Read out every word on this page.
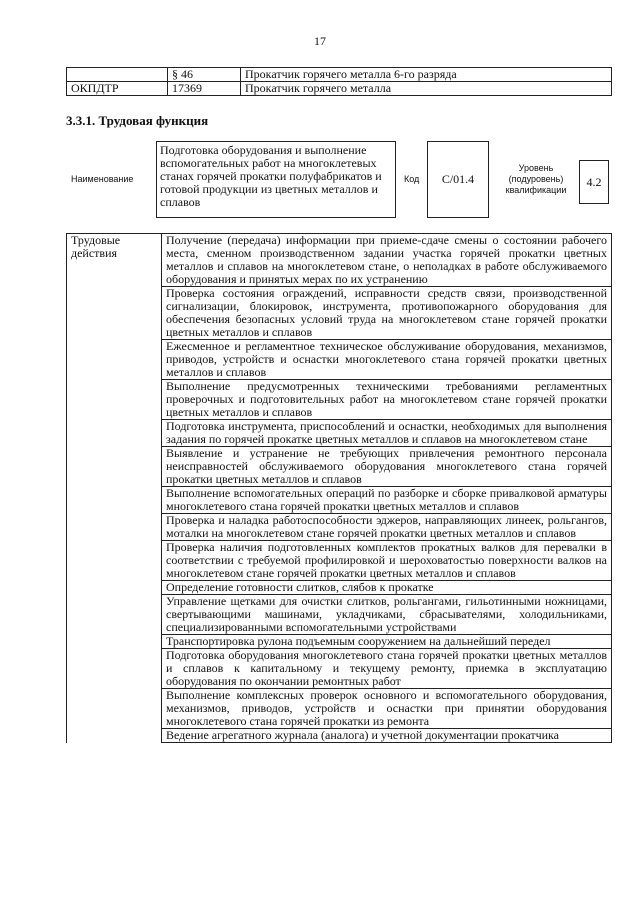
17
	§ 46	Прокатчик горячего металла 6-го разряда
ОКПДТР	17369	Прокатчик горячего металла
3.3.1. Трудовая функция
Наименование
Подготовка оборудования и выполнение вспомогательных работ на многоклетевых станах горячей прокатки полуфабрикатов и готовой продукции из цветных металлов и сплавов
Код	C/01.4
Уровень
(подуровень)
квалификации
4.2
Трудовые
действия	Получение (передача) информации при приеме-сдаче смены о состоянии рабочего места, сменном производственном задании участка горячей прокатки цветных металлов и сплавов на многоклетевом стане, о неполадках в работе обслуживаемого оборудования и принятых мерах по их устранению
	Проверка состояния ограждений, исправности средств связи, производственной сигнализации, блокировок, инструмента, противопожарного оборудования для обеспечения безопасных условий труда на многоклетевом стане горячей прокатки цветных металлов и сплавов
	Ежесменное и регламентное техническое обслуживание оборудования, механизмов, приводов, устройств и оснастки многоклетевого стана горячей прокатки цветных металлов и сплавов
	Выполнение предусмотренных техническими требованиями регламентных проверочных и подготовительных работ на многоклетевом стане горячей прокатки цветных металлов и сплавов
	Подготовка инструмента, приспособлений и оснастки, необходимых для выполнения задания по горячей прокатке цветных металлов и сплавов на многоклетевом стане
	Выявление и устранение не требующих привлечения ремонтного персонала неисправностей обслуживаемого оборудования многоклетевого стана горячей прокатки цветных металлов и сплавов
	Выполнение вспомогательных операций по разборке и сборке привалковой арматуры многоклетевого стана горячей прокатки цветных металлов и сплавов
	Проверка и наладка работоспособности эджеров, направляющих линеек, рольгангов, моталки на многоклетевом стане горячей прокатки цветных металлов и сплавов
	Проверка наличия подготовленных комплектов прокатных валков для перевалки в соответствии с требуемой профилировкой и шероховатостью поверхности валков на многоклетевом стане горячей прокатки цветных металлов и сплавов
	Определение готовности слитков, слябов к прокатке
	Управление щетками для очистки слитков, рольгангами, гильотинными ножницами, свертывающими машинами, укладчиками, сбрасывателями, холодильниками, специализированными вспомогательными устройствами
	Транспортировка рулона подъемным сооружением на дальнейший передел
	Подготовка оборудования многоклетевого стана горячей прокатки цветных металлов и сплавов к капитальному и текущему ремонту, приемка в эксплуатацию оборудования по окончании ремонтных работ
	Выполнение комплексных проверок основного и вспомогательного оборудования, механизмов, приводов, устройств и оснастки при принятии оборудования многоклетевого стана горячей прокатки из ремонта
	Ведение агрегатного журнала (аналога) и учетной документации прокатчика
